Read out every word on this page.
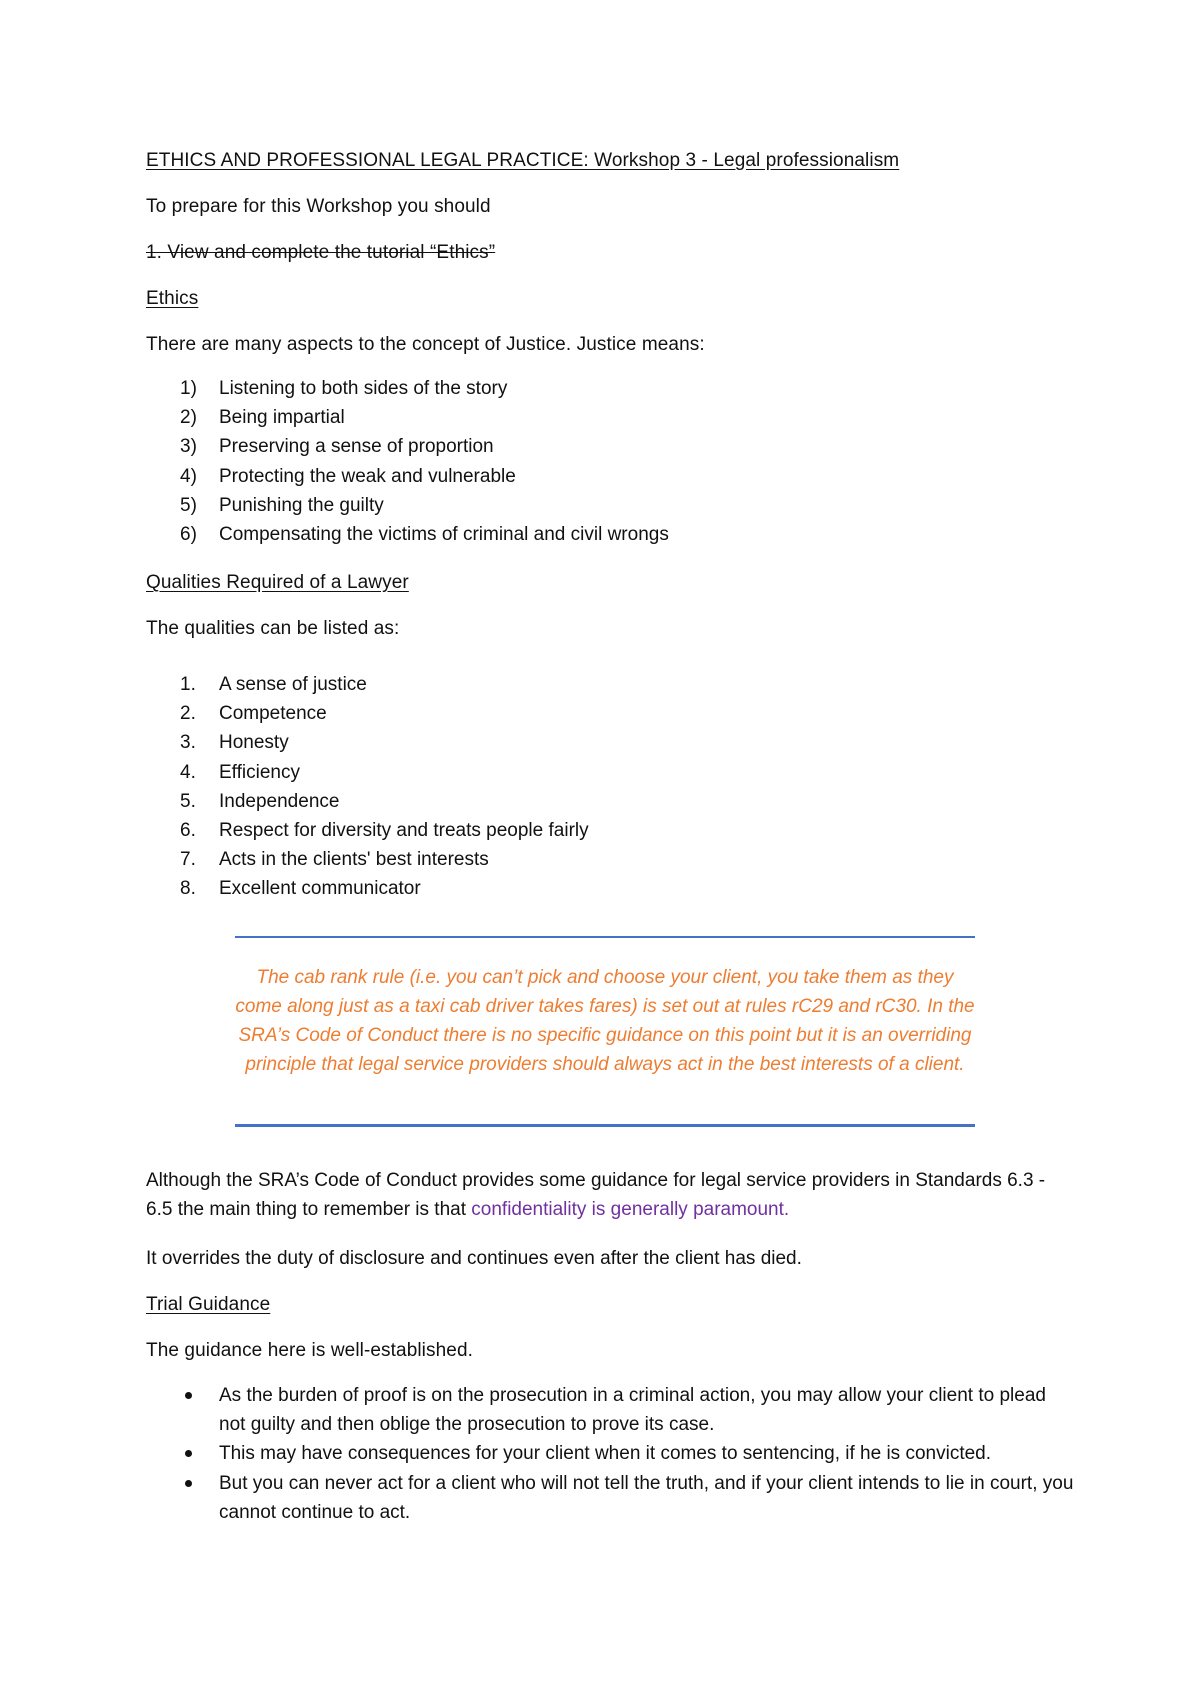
ETHICS AND PROFESSIONAL LEGAL PRACTICE: Workshop 3 - Legal professionalism
To prepare for this Workshop you should
1. View and complete the tutorial “Ethics”
Ethics
There are many aspects to the concept of Justice. Justice means:
1)	Listening to both sides of the story
2)	Being impartial
3)	Preserving a sense of proportion
4)	Protecting the weak and vulnerable
5)	Punishing the guilty
6)	Compensating the victims of criminal and civil wrongs
Qualities Required of a Lawyer
The qualities can be listed as:
1.	A sense of justice
2.	Competence
3.	Honesty
4.	Efficiency
5.	Independence
6.	Respect for diversity and treats people fairly
7.	Acts in the clients' best interests
8.	Excellent communicator
The cab rank rule (i.e. you can’t pick and choose your client, you take them as they come along just as a taxi cab driver takes fares) is set out at rules rC29 and rC30. In the SRA’s Code of Conduct there is no specific guidance on this point but it is an overriding principle that legal service providers should always act in the best interests of a client.
Although the SRA’s Code of Conduct provides some guidance for legal service providers in Standards 6.3 - 6.5 the main thing to remember is that confidentiality is generally paramount.
It overrides the duty of disclosure and continues even after the client has died.
Trial Guidance
The guidance here is well-established.
As the burden of proof is on the prosecution in a criminal action, you may allow your client to plead not guilty and then oblige the prosecution to prove its case.
This may have consequences for your client when it comes to sentencing, if he is convicted.
But you can never act for a client who will not tell the truth, and if your client intends to lie in court, you cannot continue to act.
